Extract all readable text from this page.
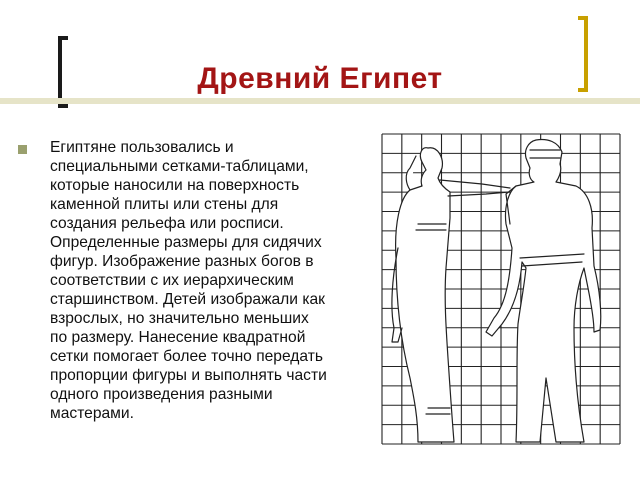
Древний Египет
Египтяне пользовались и
специальными сетками-таблицами,
которые наносили на поверхность
каменной плиты или стены для
создания рельефа или росписи.
Определенные размеры для сидячих
фигур. Изображение разных богов в
соответствии с их иерархическим
старшинством. Детей изображали как
взрослых, но значительно меньших
по размеру. Нанесение квадратной
сетки помогает более точно передать
пропорции фигуры и выполнять части
одного произведения разными
мастерами.
